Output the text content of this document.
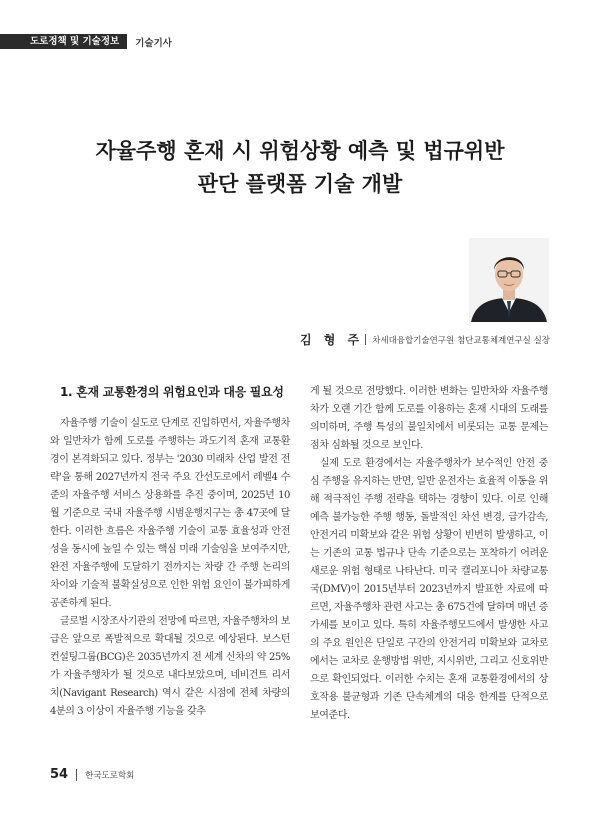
도로정책 및 기술정보	기술기사
자율주행 혼재 시 위험상황 예측 및 법규위반
판단 플랫폼 기술 개발
김 형 주 차세대융합기술연구원 첨단교통체계연구실 실장
1. 혼재 교통환경의 위험요인과 대응 필요성

자율주행 기술이 실도로 단계로 진입하면서, 자율주행차와 일반차가 함께 도로를 주행하는 과도기적 혼재 교통환경이 본격화되고 있다. 정부는 '2030 미래차 산업 발전 전략'을 통해 2027년까지 전국 주요 간선도로에서 레벨4 수준의 자율주행 서비스 상용화를 추진 중이며, 2025년 10월 기준으로 국내 자율주행 시범운행지구는 총 47곳에 달한다. 이러한 흐름은 자율주행 기술이 교통 효율성과 안전성을 동시에 높일 수 있는 핵심 미래 기술임을 보여주지만, 완전 자율주행에 도달하기 전까지는 차량 간 주행 논리의 차이와 기술적 불확실성으로 인한 위험 요인이 불가피하게 공존하게 된다.

글로벌 시장조사기관의 전망에 따르면, 자율주행차의 보급은 앞으로 폭발적으로 확대될 것으로 예상된다. 보스턴컨설팅그룹(BCG)은 2035년까지 전 세계 신차의 약 25%가 자율주행차가 될 것으로 내다보았으며, 네비건트 리서치(Navigant Research) 역시 같은 시점에 전체 차량의 4분의 3 이상이 자율주행 기능을 갖추

게 될 것으로 전망했다. 이러한 변화는 일반차와 자율주행차가 오랜 기간 함께 도로를 이용하는 혼재 시대의 도래를 의미하며, 주행 특성의 불일치에서 비롯되는 교통 문제는 점차 심화될 것으로 보인다.

실제 도로 환경에서는 자율주행차가 보수적인 안전 중심 주행을 유지하는 반면, 일반 운전자는 효율적 이동을 위해 적극적인 주행 전략을 택하는 경향이 있다. 이로 인해 예측 불가능한 주행 행동, 돌발적인 차선 변경, 급가감속, 안전거리 미확보와 같은 위험 상황이 빈번히 발생하고, 이는 기존의 교통 법규나 단속 기준으로는 포착하기 어려운 새로운 위험 형태로 나타난다. 미국 캘리포니아 차량교통국(DMV)이 2015년부터 2023년까지 발표한 자료에 따르면, 자율주행차 관련 사고는 총 675건에 달하며 매년 증가세를 보이고 있다. 특히 자율주행모드에서 발생한 사고의 주요 원인은 단일로 구간의 안전거리 미확보와 교차로에서는 교차로 운행방법 위반, 지시위반, 그리고 신호위반으로 확인되었다. 이러한 수치는 혼재 교통환경에서의 상호작용 불균형과 기존 단속체계의 대응 한계를 단적으로 보여준다.

54 한국도로학회
